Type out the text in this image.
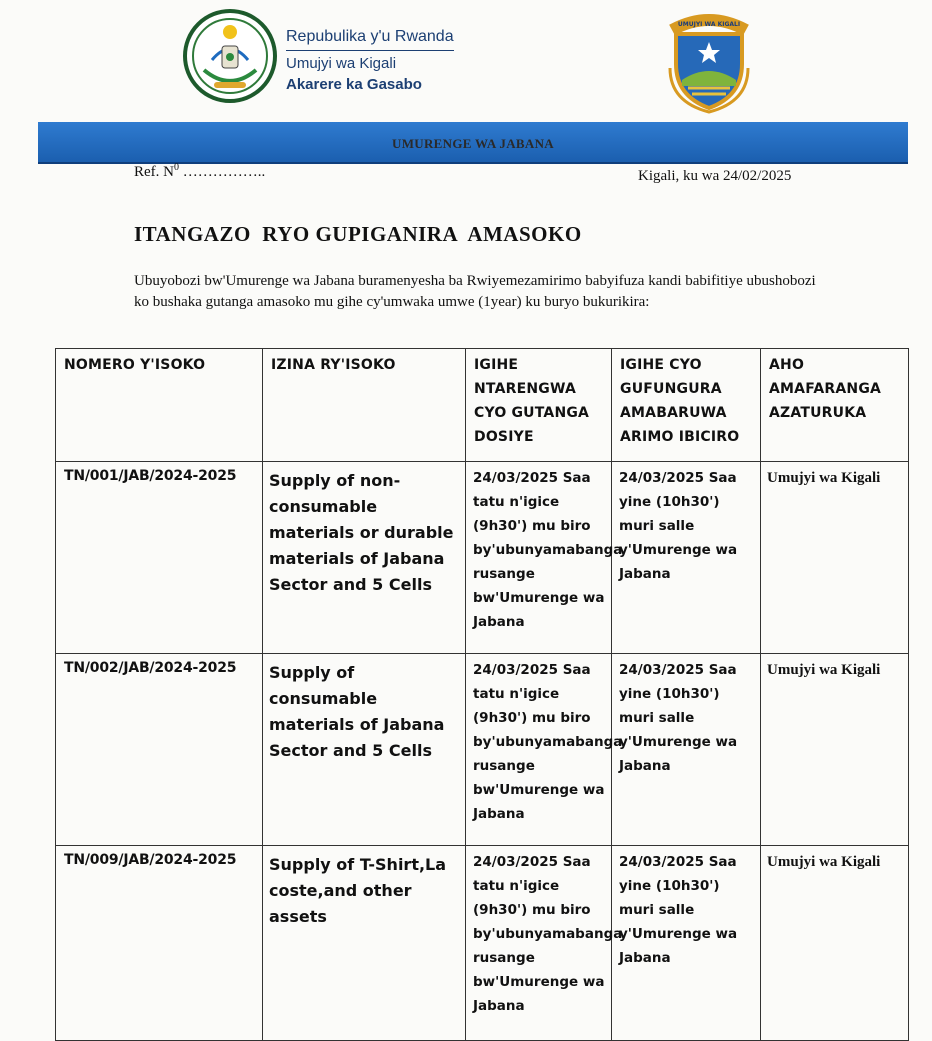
Repubulika y'u Rwanda
Umujyi wa Kigali
Akarere ka Gasabo
UMUJYI WA KIGALI
UMURENGE WA JABANA
Ref. $N^0$ ……………..	Kigali, ku wa 24/02/2025
ITANGAZO  RYO GUPIGANIRA  AMASOKO
Ubuyobozi bw'Umurenge wa Jabana buramenyesha ba Rwiyemezamirimo babyifuza kandi babifitiye ubushobozi ko bushaka gutanga amasoko mu gihe cy'umwaka umwe (1year) ku buryo bukurikira:
NOMERO Y'ISOKO	IZINA RY'ISOKO	IGIHE NTARENGWA CYO GUTANGA DOSIYE	IGIHE CYO GUFUNGURA AMABARUWA ARIMO IBICIRO	AHO AMAFARANGA AZATURUKA
TN/001/JAB/2024-2025	Supply of non-consumable materials or durable materials of Jabana Sector and 5 Cells	24/03/2025 Saa tatu n'igice (9h30') mu biro by'ubunyamabanga rusange bw'Umurenge wa Jabana	24/03/2025 Saa yine (10h30') muri salle y'Umurenge wa Jabana	Umujyi wa Kigali
TN/002/JAB/2024-2025	Supply of consumable materials of Jabana Sector and 5 Cells	24/03/2025 Saa tatu n'igice (9h30') mu biro by'ubunyamabanga rusange bw'Umurenge wa Jabana	24/03/2025 Saa yine (10h30') muri salle y'Umurenge wa Jabana	Umujyi wa Kigali
TN/009/JAB/2024-2025	Supply of T-Shirt,La coste,and other assets	24/03/2025 Saa tatu n'igice (9h30') mu biro by'ubunyamabanga rusange bw'Umurenge wa Jabana	24/03/2025 Saa yine (10h30') muri salle y'Umurenge wa Jabana	Umujyi wa Kigali
